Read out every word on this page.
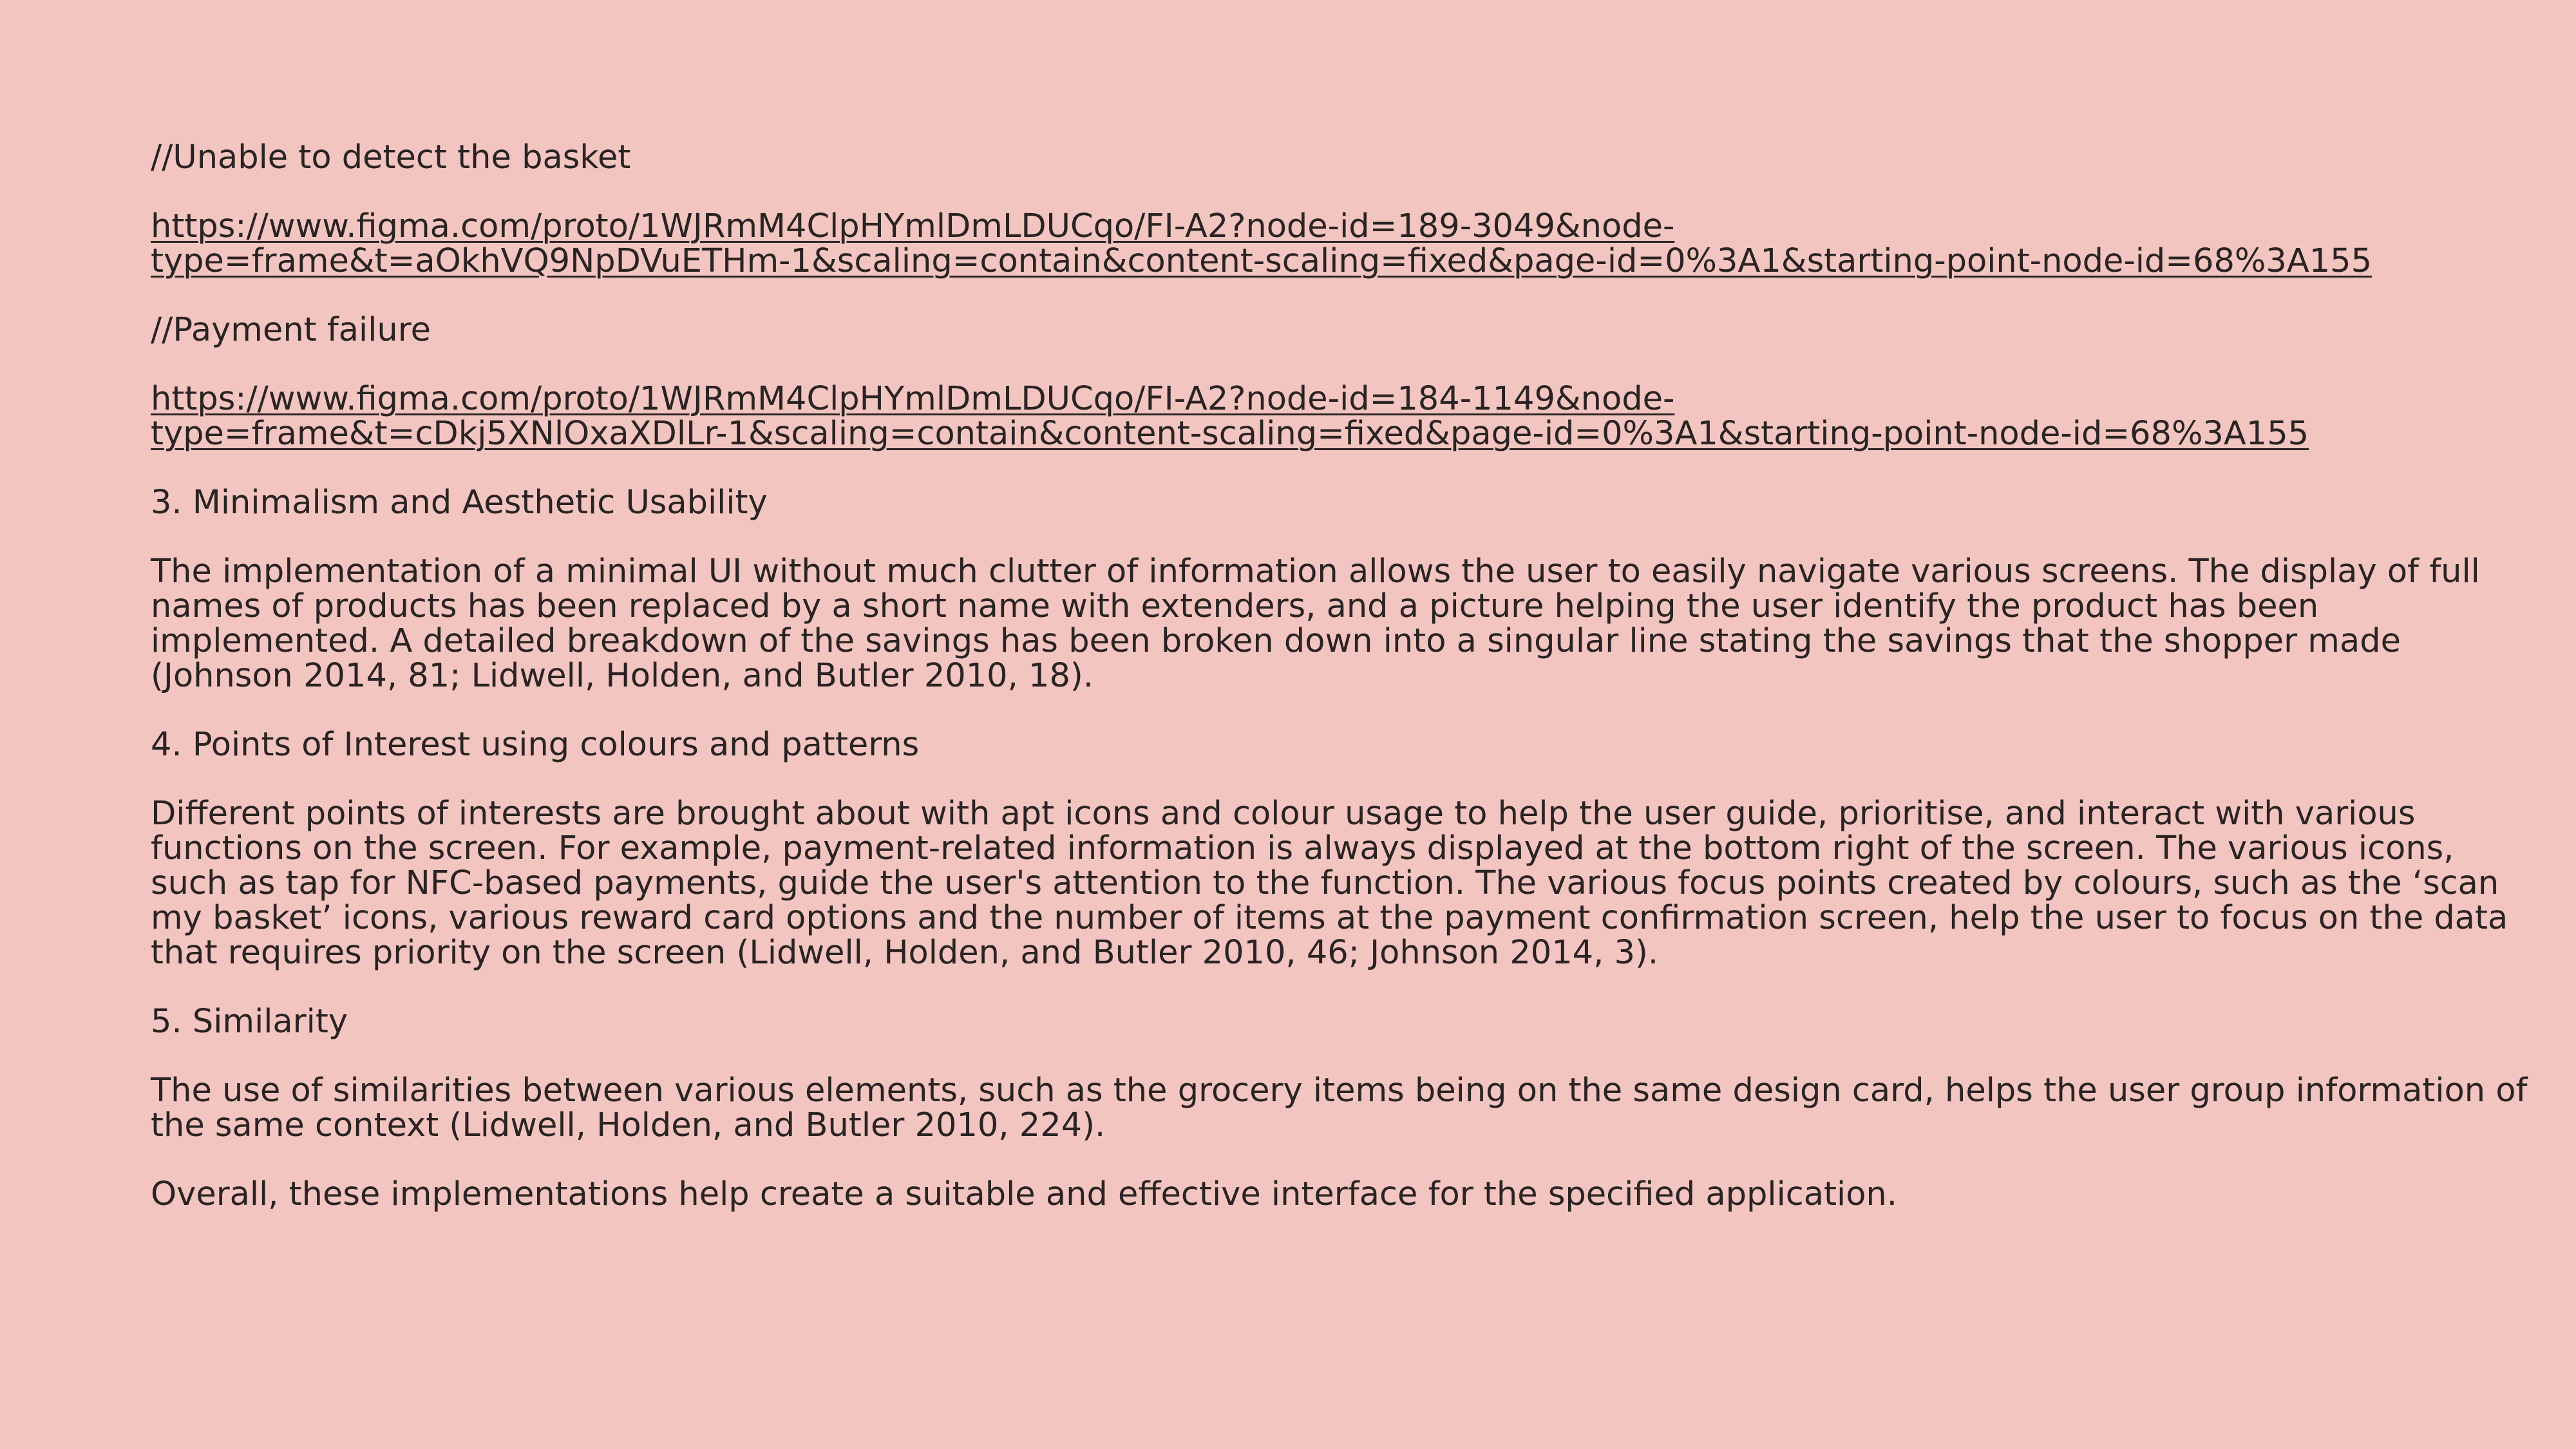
//Unable to detect the basket

https://www.figma.com/proto/1WJRmM4ClpHYmlDmLDUCqo/FI-A2?node-id=189-3049&node-
type=frame&t=aOkhVQ9NpDVuETHm-1&scaling=contain&content-scaling=fixed&page-id=0%3A1&starting-point-node-id=68%3A155

//Payment failure

https://www.figma.com/proto/1WJRmM4ClpHYmlDmLDUCqo/FI-A2?node-id=184-1149&node-
type=frame&t=cDkj5XNlOxaXDlLr-1&scaling=contain&content-scaling=fixed&page-id=0%3A1&starting-point-node-id=68%3A155

3. Minimalism and Aesthetic Usability

The implementation of a minimal UI without much clutter of information allows the user to easily navigate various screens. The display of full
names of products has been replaced by a short name with extenders, and a picture helping the user identify the product has been
implemented. A detailed breakdown of the savings has been broken down into a singular line stating the savings that the shopper made
(Johnson 2014, 81; Lidwell, Holden, and Butler 2010, 18).

4. Points of Interest using colours and patterns

Different points of interests are brought about with apt icons and colour usage to help the user guide, prioritise, and interact with various
functions on the screen. For example, payment-related information is always displayed at the bottom right of the screen. The various icons,
such as tap for NFC-based payments, guide the user's attention to the function. The various focus points created by colours, such as the ‘scan
my basket’ icons, various reward card options and the number of items at the payment confirmation screen, help the user to focus on the data
that requires priority on the screen (Lidwell, Holden, and Butler 2010, 46; Johnson 2014, 3).

5. Similarity

The use of similarities between various elements, such as the grocery items being on the same design card, helps the user group information of
the same context (Lidwell, Holden, and Butler 2010, 224).

Overall, these implementations help create a suitable and effective interface for the specified application.
